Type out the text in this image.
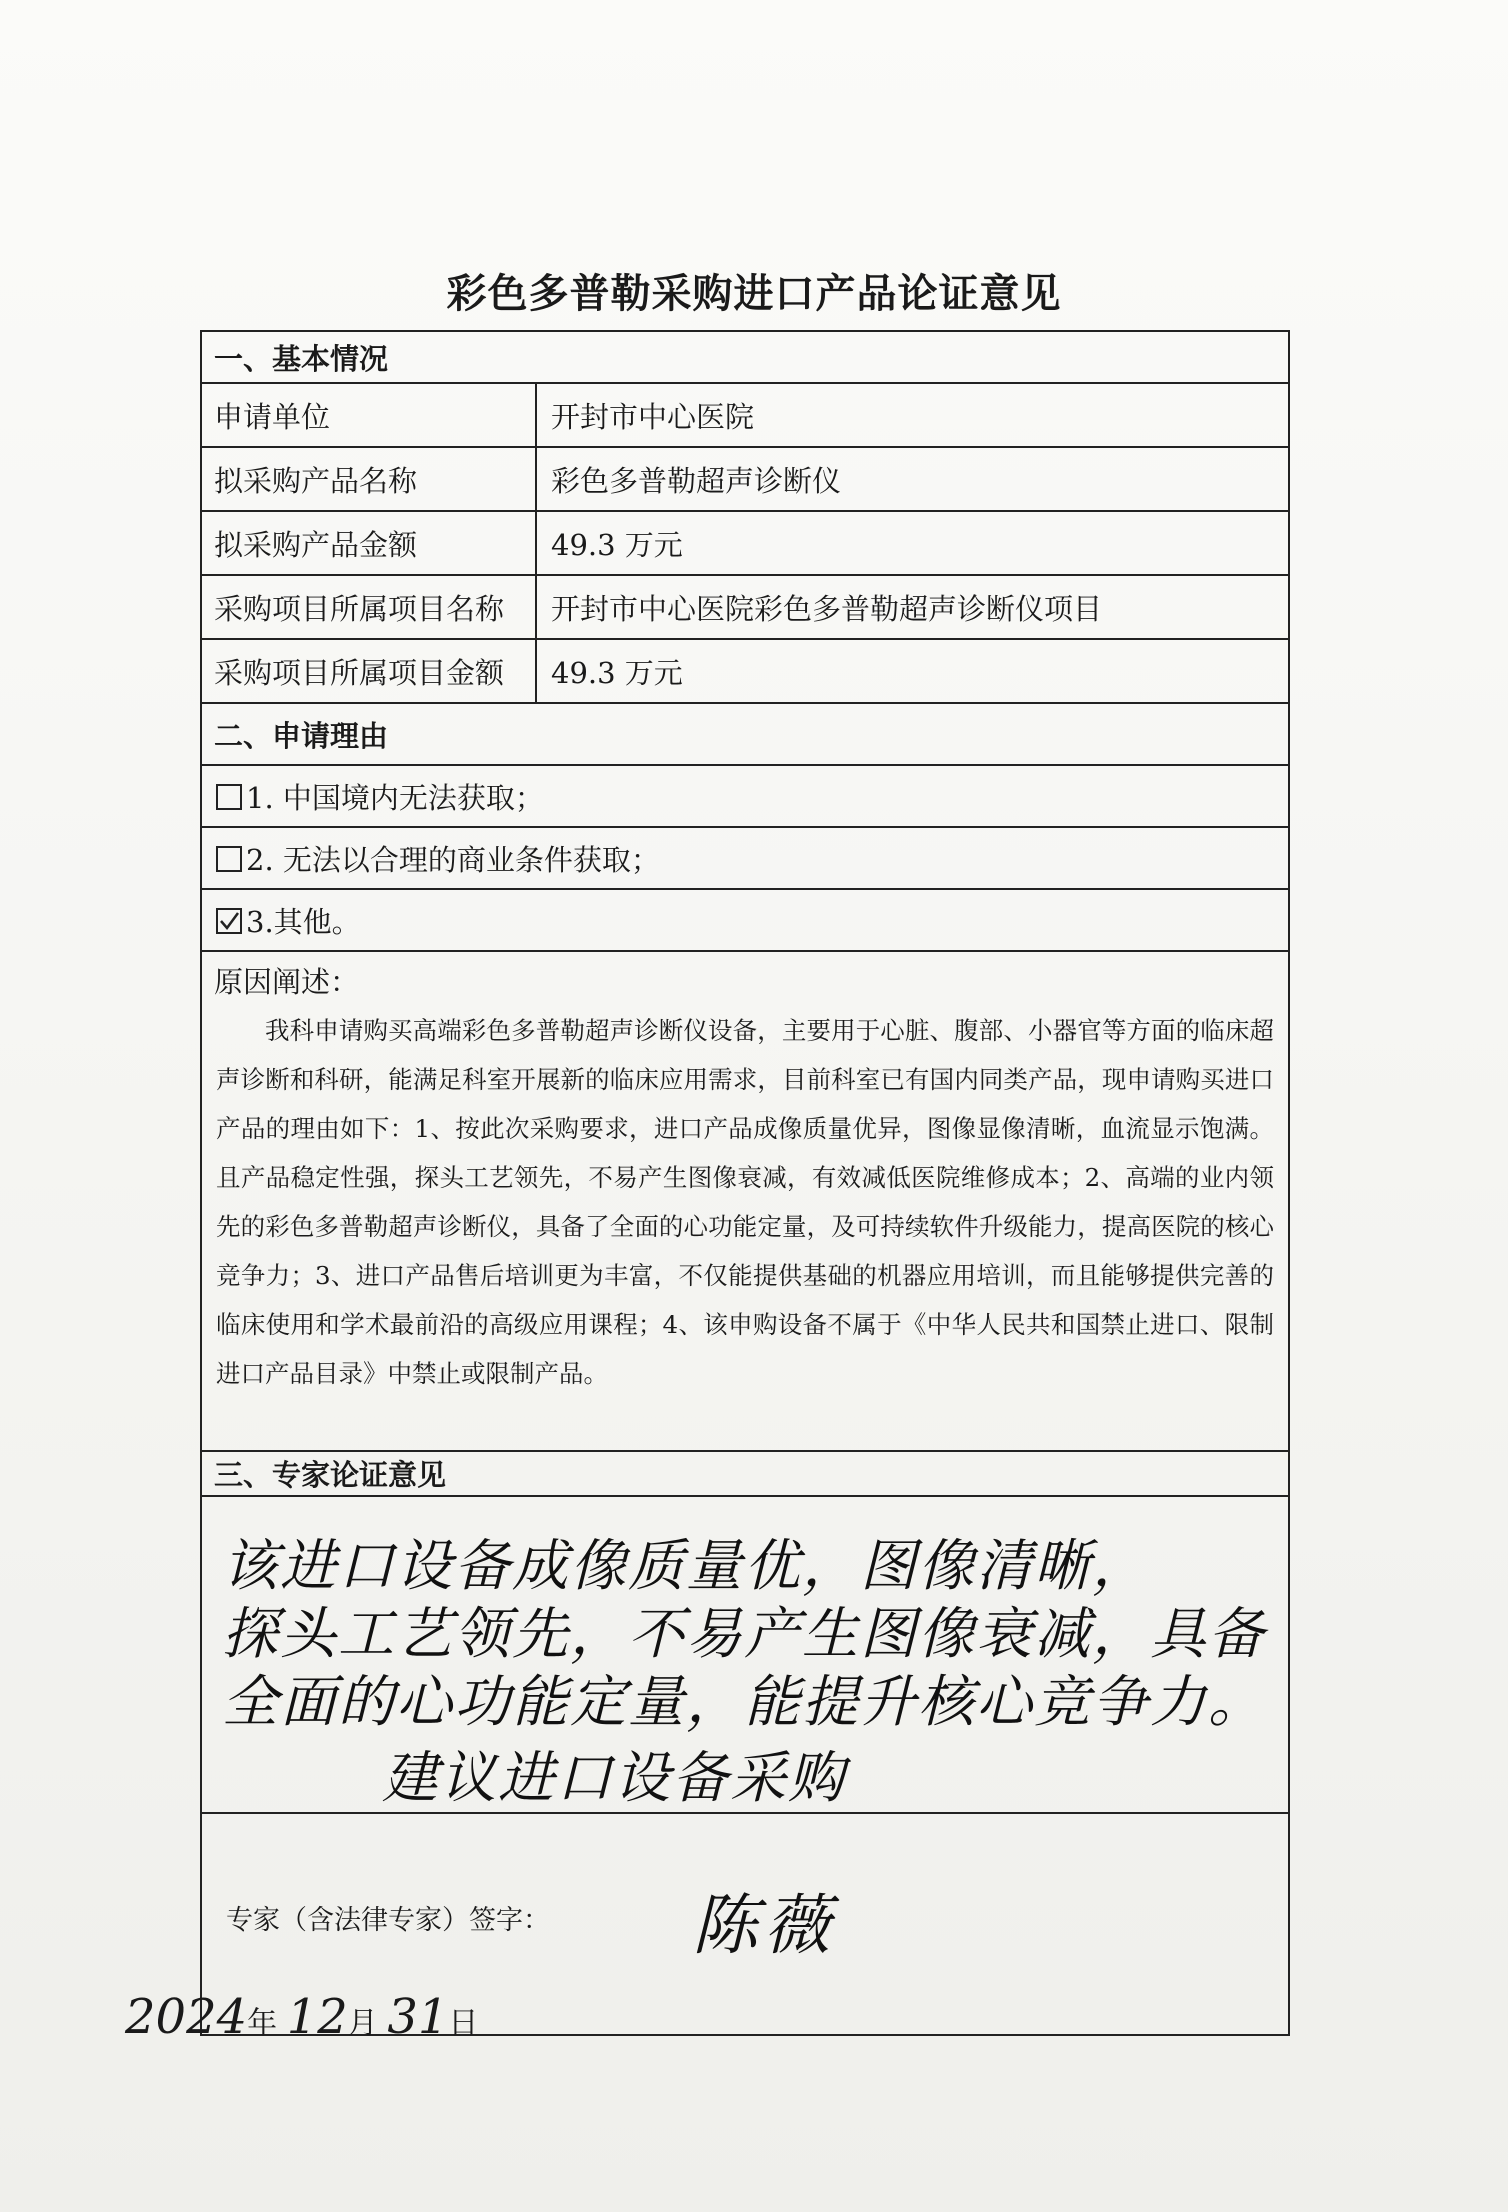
彩色多普勒采购进口产品论证意见
一、基本情况
申请单位	开封市中心医院
拟采购产品名称	彩色多普勒超声诊断仪
拟采购产品金额	49.3 万元
采购项目所属项目名称	开封市中心医院彩色多普勒超声诊断仪项目
采购项目所属项目金额	49.3 万元
二、申请理由
1. 中国境内无法获取；
2. 无法以合理的商业条件获取；
3.其他。
原因阐述：
我科申请购买高端彩色多普勒超声诊断仪设备，主要用于心脏、腹部、小器官等方面的临床超声诊断和科研，能满足科室开展新的临床应用需求，目前科室已有国内同类产品，现申请购买进口产品的理由如下：1、按此次采购要求，进口产品成像质量优异，图像显像清晰，血流显示饱满。且产品稳定性强，探头工艺领先，不易产生图像衰减，有效减低医院维修成本；2、高端的业内领先的彩色多普勒超声诊断仪，具备了全面的心功能定量，及可持续软件升级能力，提高医院的核心竞争力；3、进口产品售后培训更为丰富，不仅能提供基础的机器应用培训，而且能够提供完善的临床使用和学术最前沿的高级应用课程；4、该申购设备不属于《中华人民共和国禁止进口、限制进口产品目录》中禁止或限制产品。
三、专家论证意见
该进口设备成像质量优，图像清晰，
探头工艺领先，不易产生图像衰减，具备
全面的心功能定量，能提升核心竞争力。
建议进口设备采购
专家（含法律专家）签字： 陈薇
2024年 12月 31日
